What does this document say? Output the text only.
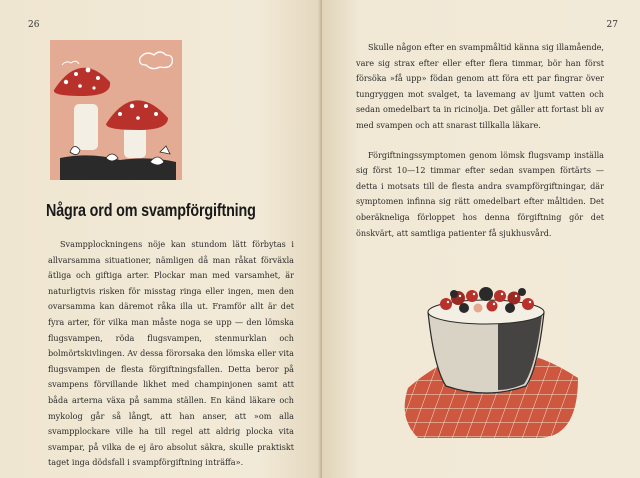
26
Några ord om svampförgiftning
Svampplockningens nöje kan stundom lätt förbytas i allvarsamma situationer, nämligen då man råkat förväxla ätliga och giftiga arter. Plockar man med varsamhet, är naturligtvis risken för misstag ringa eller ingen, men den ovarsamma kan däremot råka illa ut. Framför allt är det fyra arter, för vilka man måste noga se upp — den lömska flugsvampen, röda flugsvampen, stenmurklan och bolmörtskivlingen. Av dessa förorsaka den lömska eller vita flugsvampen de flesta förgiftningsfallen. Detta beror på svampens förvillande likhet med champinjonen samt att båda arterna växa på samma ställen. En känd läkare och mykolog går så långt, att han anser, att »om alla svampplockare ville ha till regel att aldrig plocka vita svampar, på vilka de ej äro absolut säkra, skulle praktiskt taget inga dödsfall i svampförgiftning inträffa».
27

Skulle någon efter en svampmåltid känna sig illamående, vare sig strax efter eller efter flera timmar, bör han först försöka »få upp» födan genom att föra ett par fingrar över tungryggen mot svalget, ta lavemang av ljumt vatten och sedan omedelbart ta in ricinolja. Det gäller att fortast bli av med svampen och att snarast tillkalla läkare.

Förgiftningssymptomen genom lömsk flugsvamp inställa sig först 10—12 timmar efter sedan svampen förtärts — detta i motsats till de flesta andra svampförgiftningar, där symptomen infinna sig rätt omedelbart efter måltiden. Det oberäkneliga förloppet hos denna förgiftning gör det önskvärt, att samtliga patienter få sjukhusvård.
